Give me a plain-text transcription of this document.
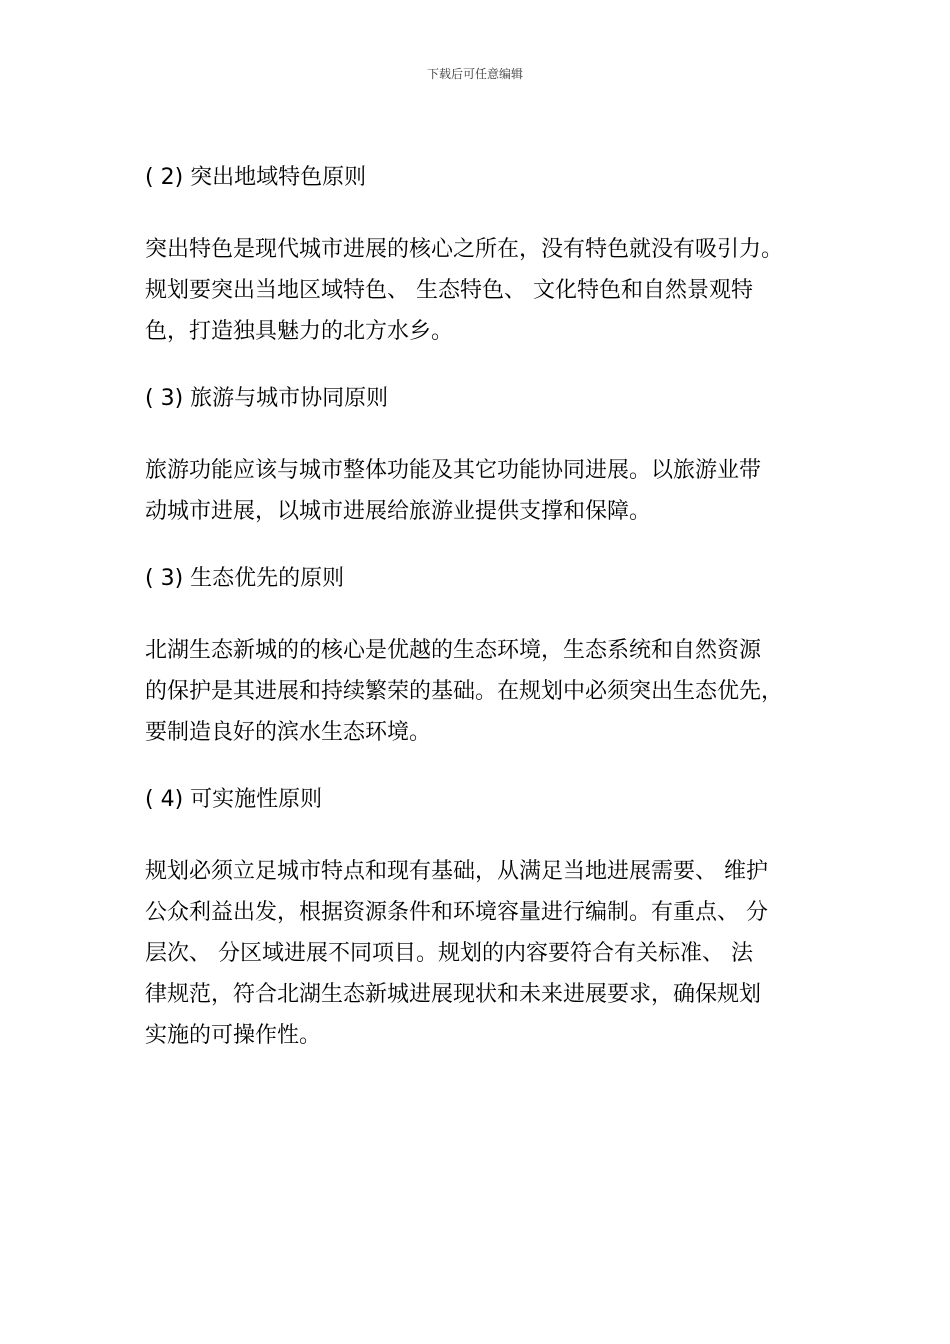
下载后可任意编辑
( 2) 突出地域特色原则
突出特色是现代城市进展的核心之所在，没有特色就没有吸引力。
规划要突出当地区域特色、 生态特色、 文化特色和自然景观特
色，打造独具魅力的北方水乡。
( 3) 旅游与城市协同原则
旅游功能应该与城市整体功能及其它功能协同进展。以旅游业带
动城市进展，以城市进展给旅游业提供支撑和保障。
( 3) 生态优先的原则
北湖生态新城的的核心是优越的生态环境，生态系统和自然资源
的保护是其进展和持续繁荣的基础。在规划中必须突出生态优先，
要制造良好的滨水生态环境。
( 4) 可实施性原则
规划必须立足城市特点和现有基础，从满足当地进展需要、 维护
公众利益出发，根据资源条件和环境容量进行编制。有重点、 分
层次、 分区域进展不同项目。规划的内容要符合有关标准、 法
律规范，符合北湖生态新城进展现状和未来进展要求，确保规划
实施的可操作性。
